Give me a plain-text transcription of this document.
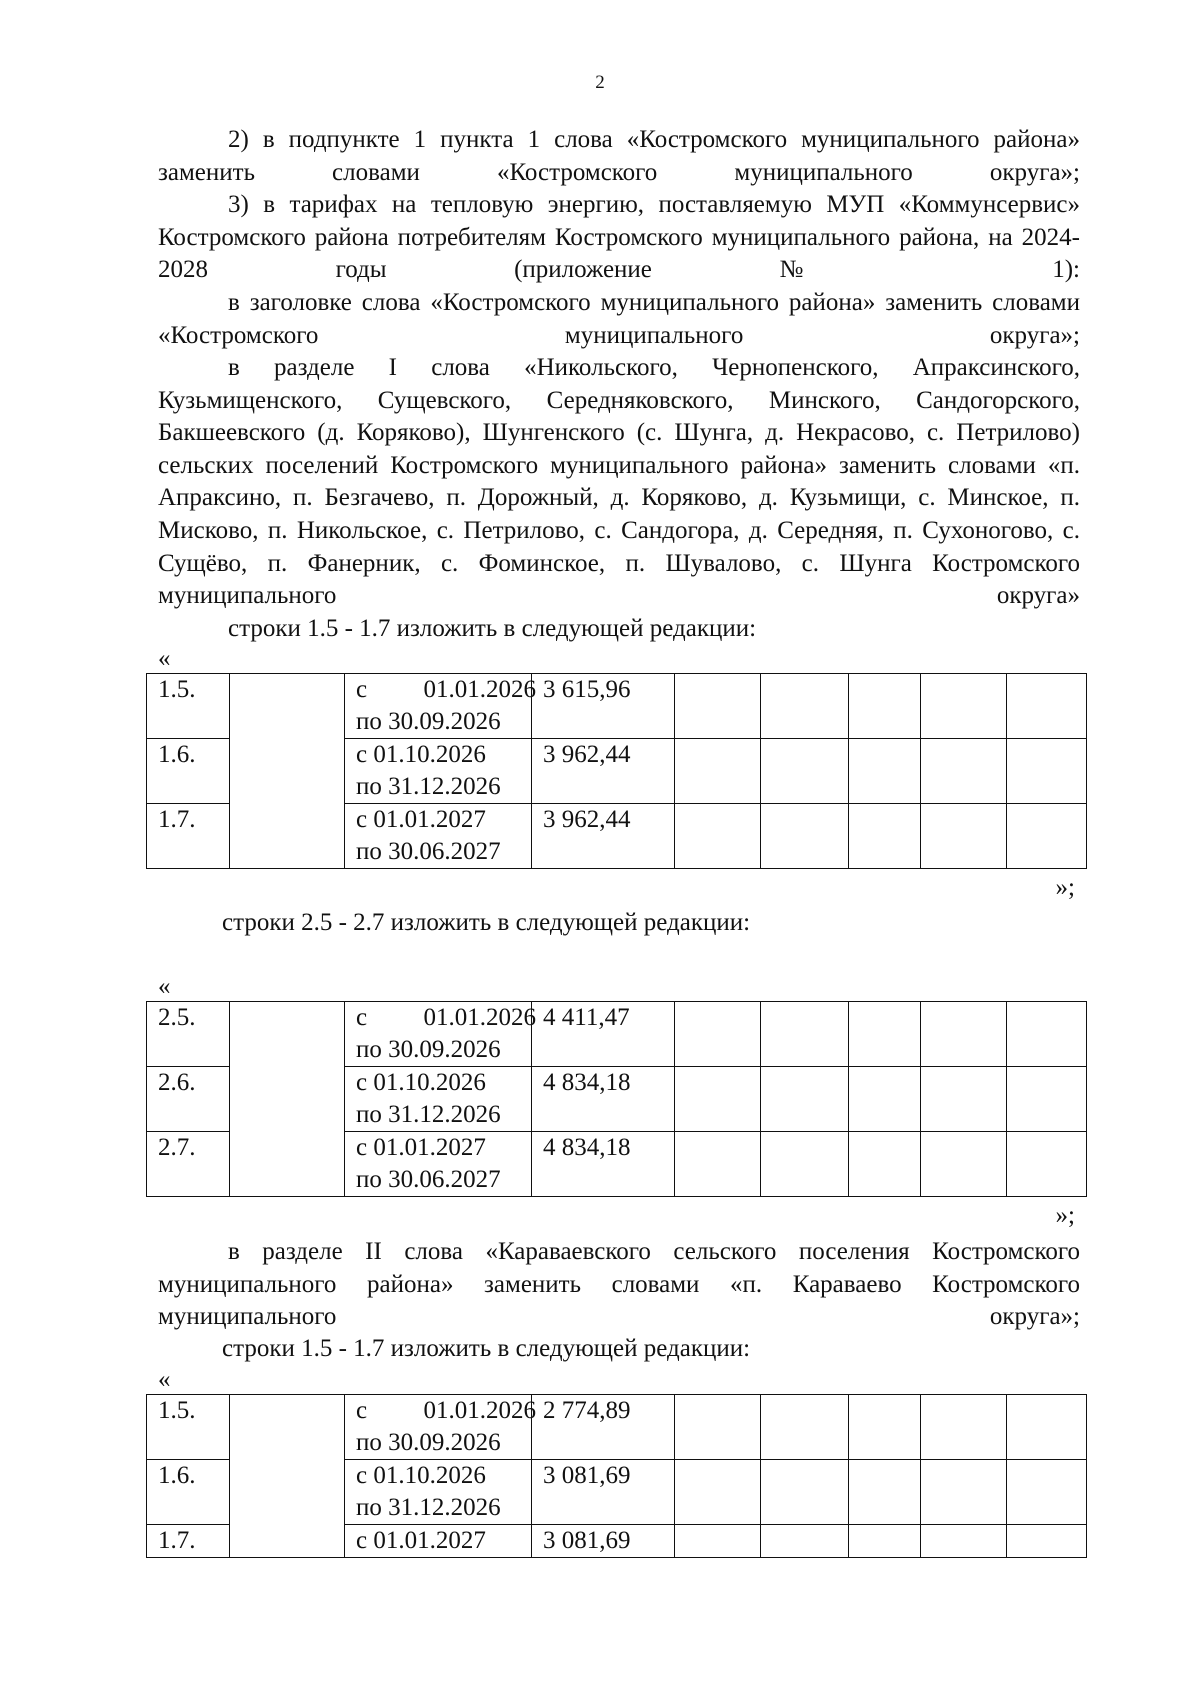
2

2) в подпункте 1 пункта 1 слова «Костромского муниципального района» заменить словами «Костромского муниципального округа»;

3) в тарифах на тепловую энергию, поставляемую МУП «Коммунсервис» Костромского района потребителям Костромского муниципального района, на 2024-2028 годы (приложение № 1):

в заголовке слова «Костромского муниципального района» заменить словами «Костромского муниципального округа»;

в разделе I слова «Никольского, Чернопенского, Апраксинского, Кузьмищенского, Сущевского, Середняковского, Минского, Сандогорского, Бакшеевского (д. Коряково), Шунгенского (с. Шунга, д. Некрасово, с. Петрилово) сельских поселений Костромского муниципального района» заменить словами «п. Апраксино, п. Безгачево, п. Дорожный, д. Коряково, д. Кузьмищи, с. Минское, п. Мисково, п. Никольское, с. Петрилово, с. Сандогора, д. Середняя, п. Сухоногово, с. Сущёво, п. Фанерник, с. Фоминское, п. Шувалово, с. Шунга Костромского муниципального округа»

строки 1.5 - 1.7 изложить в следующей редакции:

«
1.5.		с 01.01.2026
по 30.09.2026	3 615,96					
1.6.		с 01.10.2026
по 31.12.2026	3 962,44					
1.7.		с 01.01.2027
по 30.06.2027	3 962,44					
»;

строки 2.5 - 2.7 изложить в следующей редакции:

«
2.5.		с 01.01.2026
по 30.09.2026	4 411,47					
2.6.		с 01.10.2026
по 31.12.2026	4 834,18					
2.7.		с 01.01.2027
по 30.06.2027	4 834,18					
»;

в разделе II слова «Караваевского сельского поселения Костромского муниципального района» заменить словами «п. Караваево Костромского муниципального округа»;

строки 1.5 - 1.7 изложить в следующей редакции:

«
1.5.		с 01.01.2026
по 30.09.2026	2 774,89					
1.6.		с 01.10.2026
по 31.12.2026	3 081,69					
1.7.		с 01.01.2027	3 081,69					
